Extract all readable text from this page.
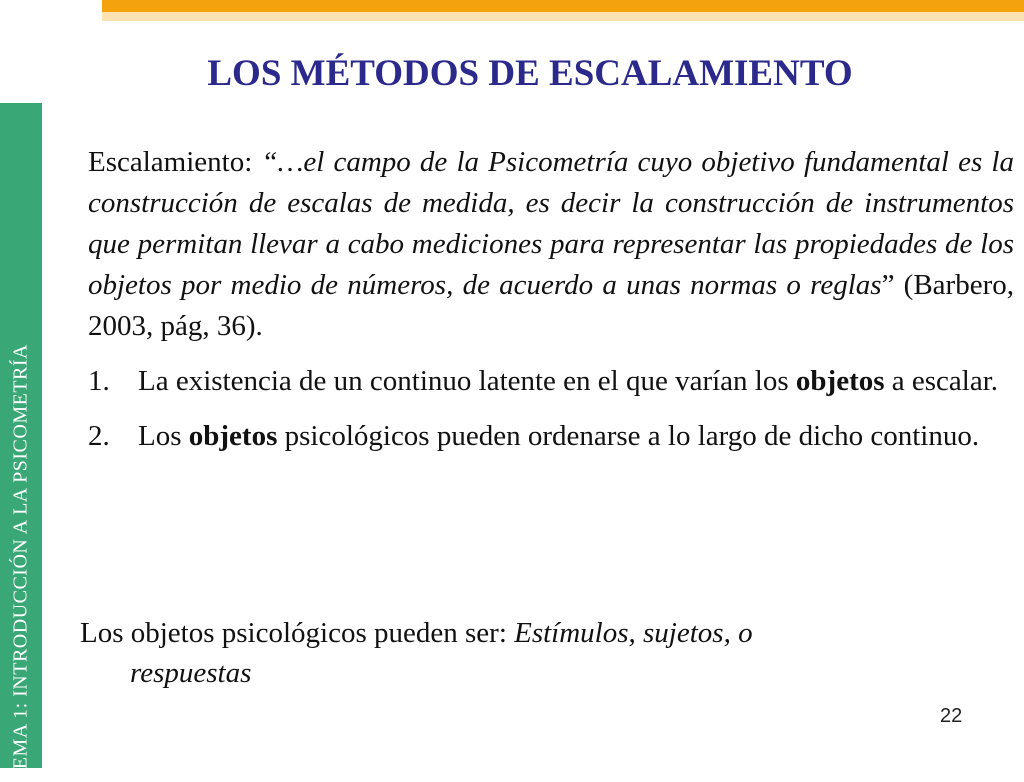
TEMA 1: INTRODUCCIÓN A LA PSICOMETRÍA
LOS MÉTODOS DE ESCALAMIENTO

Escalamiento: “…el campo de la Psicometría cuyo objetivo fundamental es la construcción de escalas de medida, es decir la construcción de instrumentos que permitan llevar a cabo mediciones para representar las propiedades de los objetos por medio de números, de acuerdo a unas normas o reglas” (Barbero, 2003, pág, 36).

1. La existencia de un continuo latente en el que varían los objetos a escalar.
2. Los objetos psicológicos pueden ordenarse a lo largo de dicho continuo.
Los objetos psicológicos pueden ser: Estímulos, sujetos, o
respuestas
22
